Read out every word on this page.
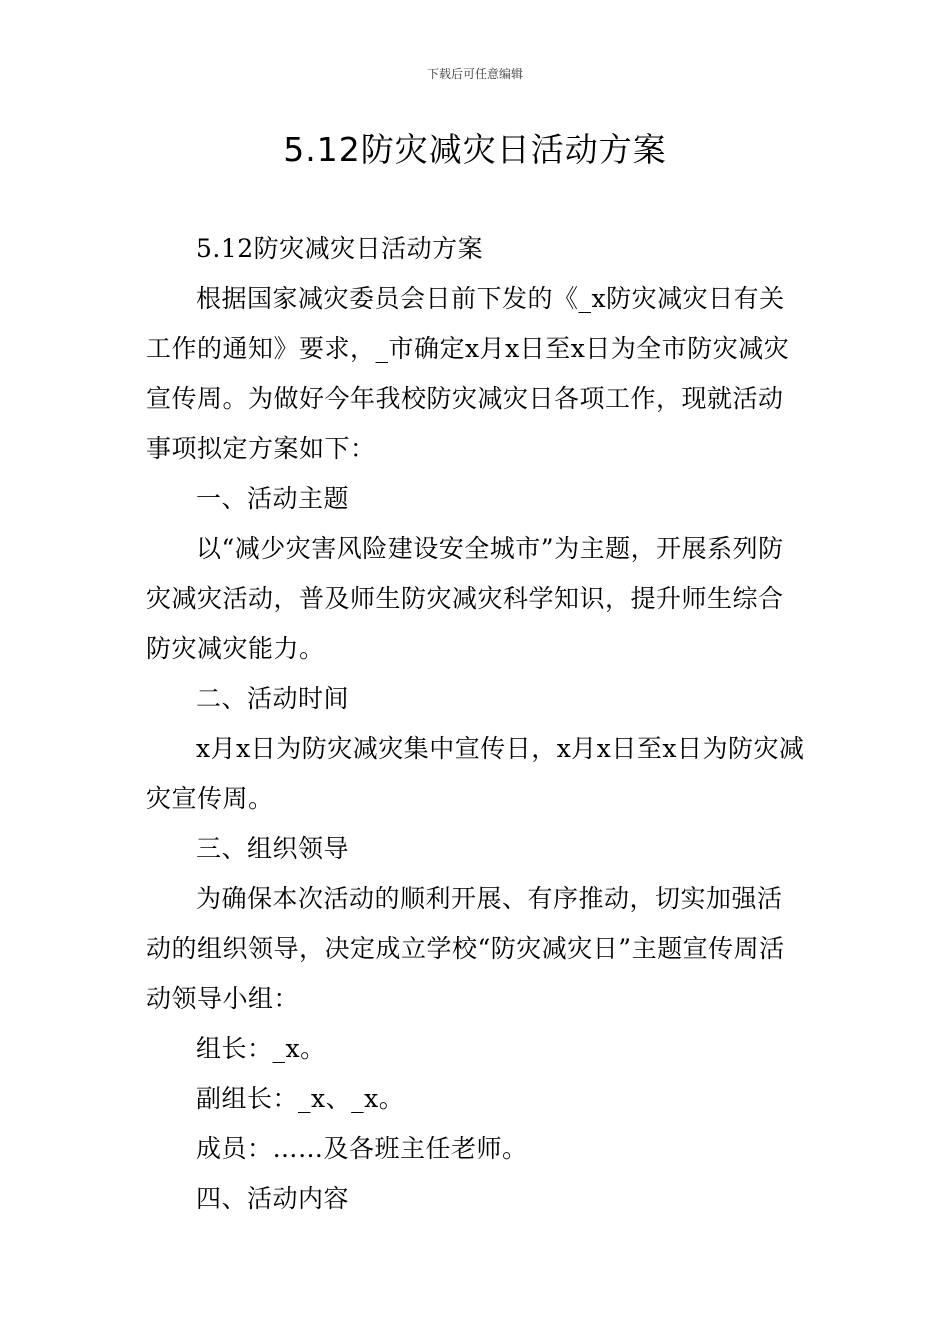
下载后可任意编辑
5.12防灾减灾日活动方案

5.12防灾减灾日活动方案

根据国家减灾委员会日前下发的《_x防灾减灾日有关工作的通知》要求，_市确定x月x日至x日为全市防灾减灾宣传周。为做好今年我校防灾减灾日各项工作，现就活动事项拟定方案如下：

一、活动主题

以“减少灾害风险建设安全城市”为主题，开展系列防灾减灾活动，普及师生防灾减灾科学知识，提升师生综合防灾减灾能力。

二、活动时间

x月x日为防灾减灾集中宣传日，x月x日至x日为防灾减灾宣传周。

三、组织领导

为确保本次活动的顺利开展、有序推动，切实加强活动的组织领导，决定成立学校“防灾减灾日”主题宣传周活动领导小组：

组长：_x。

副组长：_x、_x。

成员：……及各班主任老师。

四、活动内容
